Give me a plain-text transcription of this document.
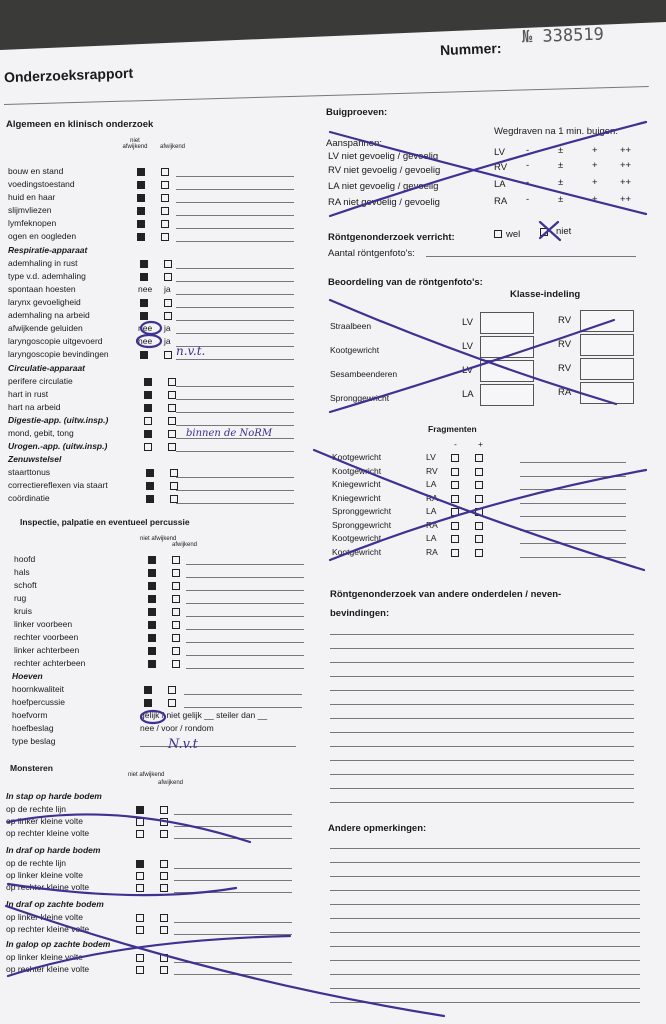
Onderzoeksrapport
Nummer:
№ 338519
Algemeen en klinisch onderzoek
niet afwijkend	afwijkend
bouw en stand
voedingstoestand
huid en haar
slijmvliezen
lymfeknopen
ogen en oogleden
Respiratie-apparaat
ademhaling in rust
type v.d. ademhaling
spontaan hoesten	nee ja
larynx gevoeligheid
ademhaling na arbeid
afwijkende geluiden	nee ja
laryngoscopie uitgevoerd	nee ja
laryngoscopie bevindingen
Circulatie-apparaat
perifere circulatie
hart in rust
hart na arbeid
Digestie-app. (uitw.insp.)
mond, gebit, tong
Urogen.-app. (uitw.insp.)
Zenuwstelsel
staarttonus
correctiereflexen via staart
coördinatie
Inspectie, palpatie en eventueel percussie
niet afwijkend
afwijkend
hoofd
hals
schoft
rug
kruis
linker voorbeen
rechter voorbeen
linker achterbeen
rechter achterbeen
Hoeven
hoornkwaliteit
hoefpercussie
hoefvorm	gelijk / niet gelijk __ steiler dan __
hoefbeslag	nee / voor / rondom
type beslag
Monsteren
niet afwijkend
afwijkend
In stap op harde bodem
op de rechte lijn
op linker kleine volte
op rechter kleine volte
In draf op harde bodem
op de rechte lijn
op linker kleine volte
op rechter kleine volte
In draf op zachte bodem
op linker kleine volte
op rechter kleine volte
In galop op zachte bodem
op linker kleine volte
op rechter kleine volte
Buigproeven:
Aanspannen:
Wegdraven na 1 min. buigen:
LV niet gevoelig / gevoelig	LV -	±	+ ++
RV niet gevoelig / gevoelig	RV -	±	+ ++
LA niet gevoelig / gevoelig	LA -	±	+ ++
RA niet gevoelig / gevoelig	RA -	±	+ ++
Röntgenonderzoek verricht:	wel	niet
Aantal röntgenfoto's:
Beoordeling van de röntgenfoto's:
Klasse-indeling
Straalbeen	LV	RV
Kootgewricht	LV	RV
Sesambeenderen	LV	RV
Spronggewricht	LA	RA
Fragmenten
- +
Kootgewricht	LV
Kootgewricht	RV
Kniegewricht	LA
Kniegewricht	RA
Spronggewricht	LA
Spronggewricht	RA
Kootgewricht	LA
Kootgewricht	RA
Röntgenonderzoek van andere onderdelen / neven-
bevindingen:
Andere opmerkingen:
n.v.t.
binnen de NoRM
N.v.t
